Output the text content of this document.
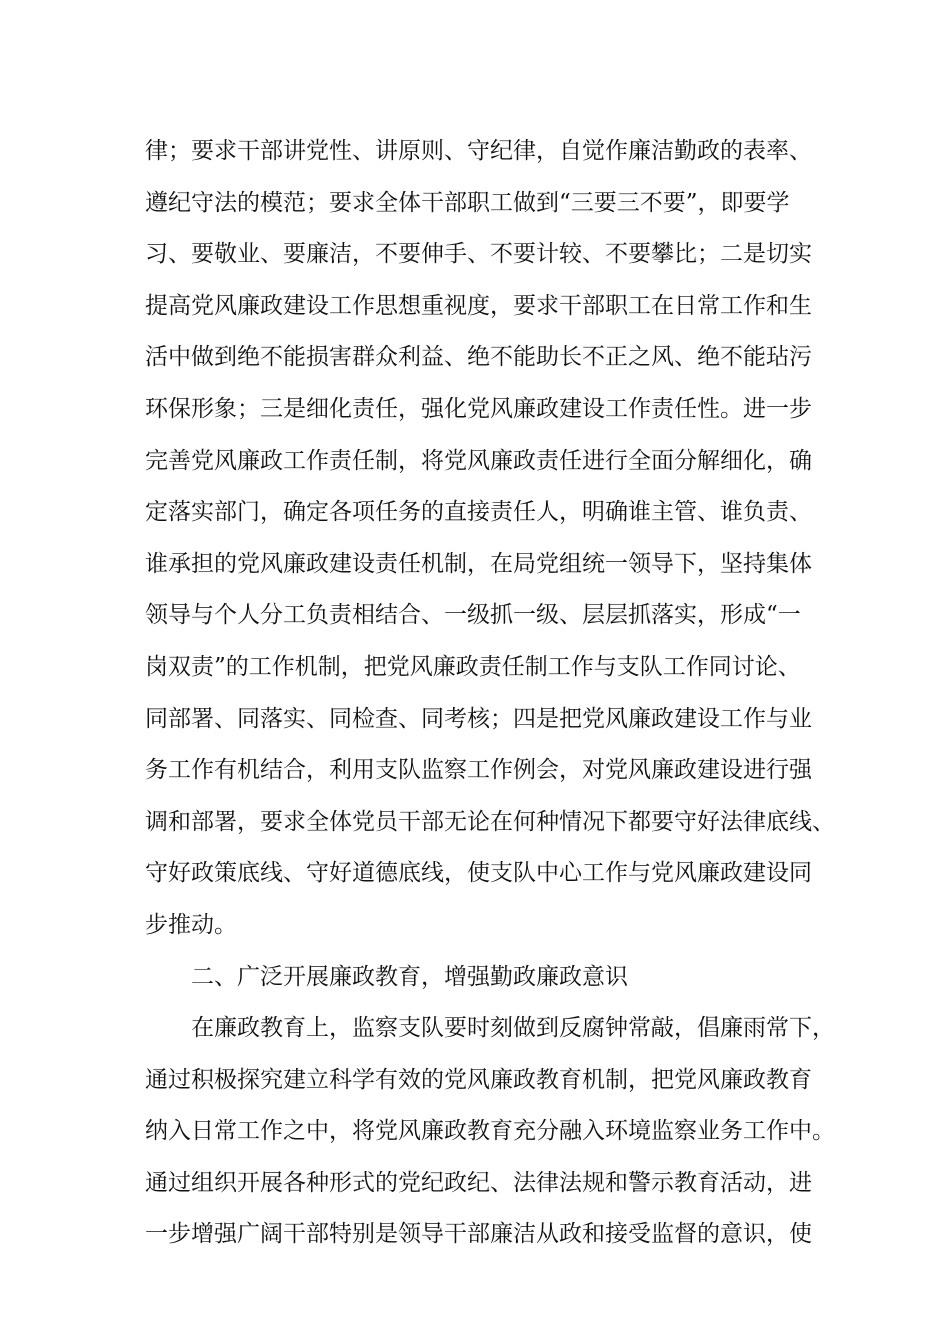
律；要求干部讲党性、讲原则、守纪律，自觉作廉洁勤政的表率、
遵纪守法的模范；要求全体干部职工做到“三要三不要”，即要学
习、要敬业、要廉洁，不要伸手、不要计较、不要攀比；二是切实
提高党风廉政建设工作思想重视度，要求干部职工在日常工作和生
活中做到绝不能损害群众利益、绝不能助长不正之风、绝不能玷污
环保形象；三是细化责任，强化党风廉政建设工作责任性。进一步
完善党风廉政工作责任制，将党风廉政责任进行全面分解细化，确
定落实部门，确定各项任务的直接责任人，明确谁主管、谁负责、
谁承担的党风廉政建设责任机制，在局党组统一领导下，坚持集体
领导与个人分工负责相结合、一级抓一级、层层抓落实，形成“一
岗双责”的工作机制，把党风廉政责任制工作与支队工作同讨论、
同部署、同落实、同检查、同考核；四是把党风廉政建设工作与业
务工作有机结合，利用支队监察工作例会，对党风廉政建设进行强
调和部署，要求全体党员干部无论在何种情况下都要守好法律底线、
守好政策底线、守好道德底线，使支队中心工作与党风廉政建设同
步推动。
二、广泛开展廉政教育，增强勤政廉政意识
在廉政教育上，监察支队要时刻做到反腐钟常敲，倡廉雨常下，
通过积极探究建立科学有效的党风廉政教育机制，把党风廉政教育
纳入日常工作之中，将党风廉政教育充分融入环境监察业务工作中。
通过组织开展各种形式的党纪政纪、法律法规和警示教育活动，进
一步增强广阔干部特别是领导干部廉洁从政和接受监督的意识，使
